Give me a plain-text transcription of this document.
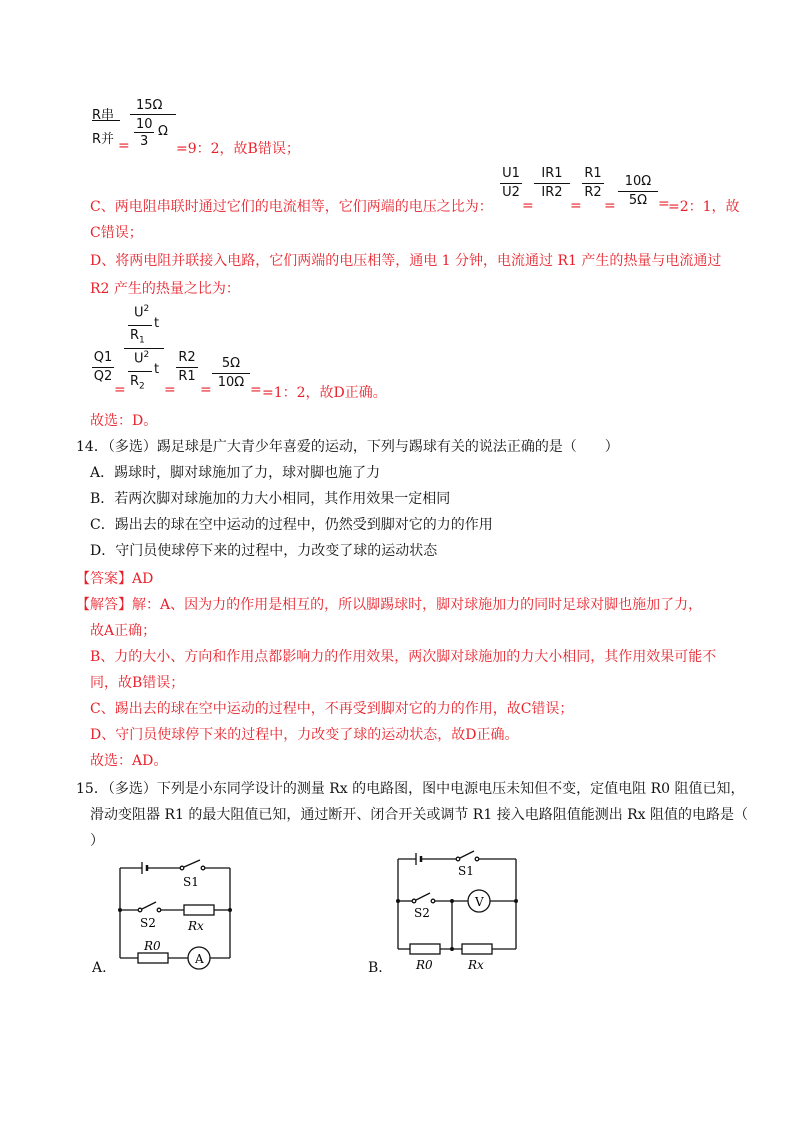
R串
R并 =
15Ω
10
3
Ω
=9：2，故B错误；
C、两电阻串联时通过它们的电流相等，它们两端的电压之比为：
U1
U2
=
IR1
IR2
=
R1
R2
=
10Ω
5Ω =
=2：1，故
C错误；
D、将两电阻并联接入电路，它们两端的电压相等，通电 1 分钟，电流通过 R1 产生的热量与电流通过
R2 产生的热量之比为：
Q1
Q2
=
$U^2$
$R_1$
t
$U^2$
$R_2$
t
=
R2
R1
=
5Ω
10Ω = =1：2，故D正确。
故选：D。
14．（多选）踢足球是广大青少年喜爱的运动，下列与踢球有关的说法正确的是（　　）
A．踢球时，脚对球施加了力，球对脚也施了力
B．若两次脚对球施加的力大小相同，其作用效果一定相同
C．踢出去的球在空中运动的过程中，仍然受到脚对它的力的作用
D．守门员使球停下来的过程中，力改变了球的运动状态
【答案】AD
【解答】解：A、因为力的作用是相互的，所以脚踢球时，脚对球施加力的同时足球对脚也施加了力，
故A正确；
B、力的大小、方向和作用点都影响力的作用效果，两次脚对球施加的力大小相同，其作用效果可能不
同，故B错误；
C、踢出去的球在空中运动的过程中，不再受到脚对它的力的作用，故C错误；
D、守门员使球停下来的过程中，力改变了球的运动状态，故D正确。
故选：AD。
15．（多选）下列是小东同学设计的测量 Rx 的电路图，图中电源电压未知但不变，定值电阻 R0 阻值已知，
滑动变阻器 R1 的最大阻值已知，通过断开、闭合开关或调节 R1 接入电路阻值能测出 Rx 阻值的电路是（
）
A.
S1
S2	Rx
R0
A
B.
S1
S2
V
R0	Rx
